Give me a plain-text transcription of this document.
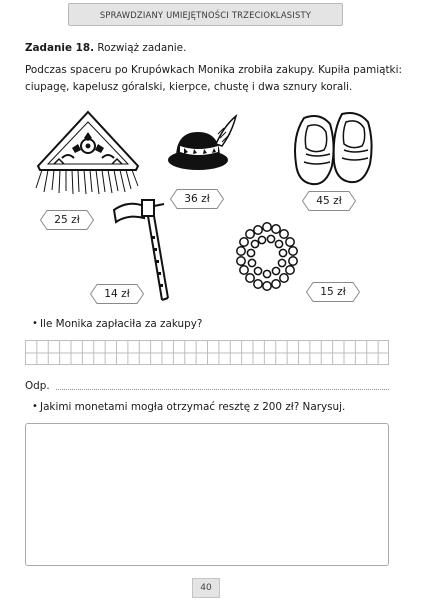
SPRAWDZIANY UMIEJĘTNOŚCI TRZECIOKLASISTY
Zadanie 18. Rozwiąż zadanie.
Podczas spaceru po Krupówkach Monika zrobiła zakupy. Kupiła pamiątki:
ciupagę, kapelusz góralski, kierpce, chustę i dwa sznury korali.
25 zł
36 zł	45 zł
14 zł	15 zł
• Ile Monika zapłaciła za zakupy?
Odp.
• Jakimi monetami mogła otrzymać resztę z 200 zł? Narysuj.
40
